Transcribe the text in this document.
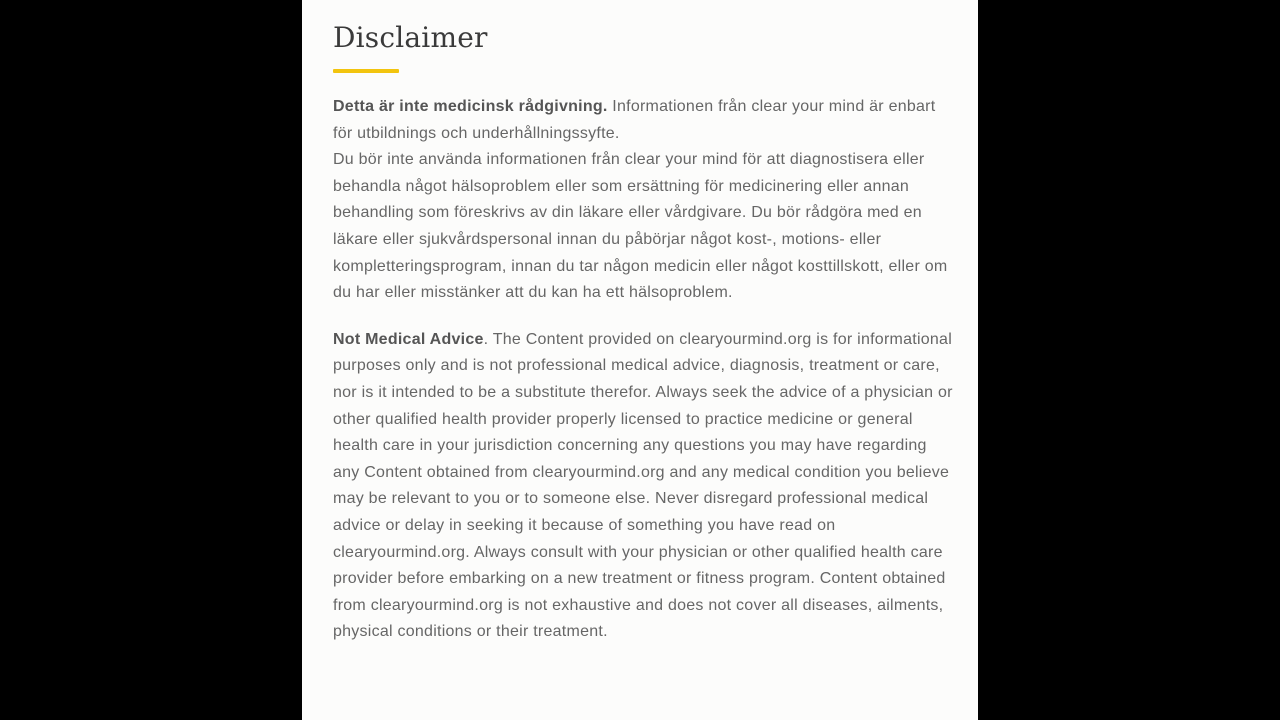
Disclaimer

Detta är inte medicinsk rådgivning. Informationen från clear your mind är enbart för utbildnings och underhållningssyfte.

Du bör inte använda informationen från clear your mind för att diagnostisera eller behandla något hälsoproblem eller som ersättning för medicinering eller annan behandling som föreskrivs av din läkare eller vårdgivare. Du bör rådgöra med en läkare eller sjukvårdspersonal innan du påbörjar något kost-, motions- eller kompletteringsprogram, innan du tar någon medicin eller något kosttillskott, eller om du har eller misstänker att du kan ha ett hälsoproblem.

Not Medical Advice. The Content provided on clearyourmind.org is for informational purposes only and is not professional medical advice, diagnosis, treatment or care, nor is it intended to be a substitute therefor. Always seek the advice of a physician or other qualified health provider properly licensed to practice medicine or general health care in your jurisdiction concerning any questions you may have regarding any Content obtained from clearyourmind.org and any medical condition you believe may be relevant to you or to someone else. Never disregard professional medical advice or delay in seeking it because of something you have read on clearyourmind.org. Always consult with your physician or other qualified health care provider before embarking on a new treatment or fitness program. Content obtained from clearyourmind.org is not exhaustive and does not cover all diseases, ailments, physical conditions or their treatment.
